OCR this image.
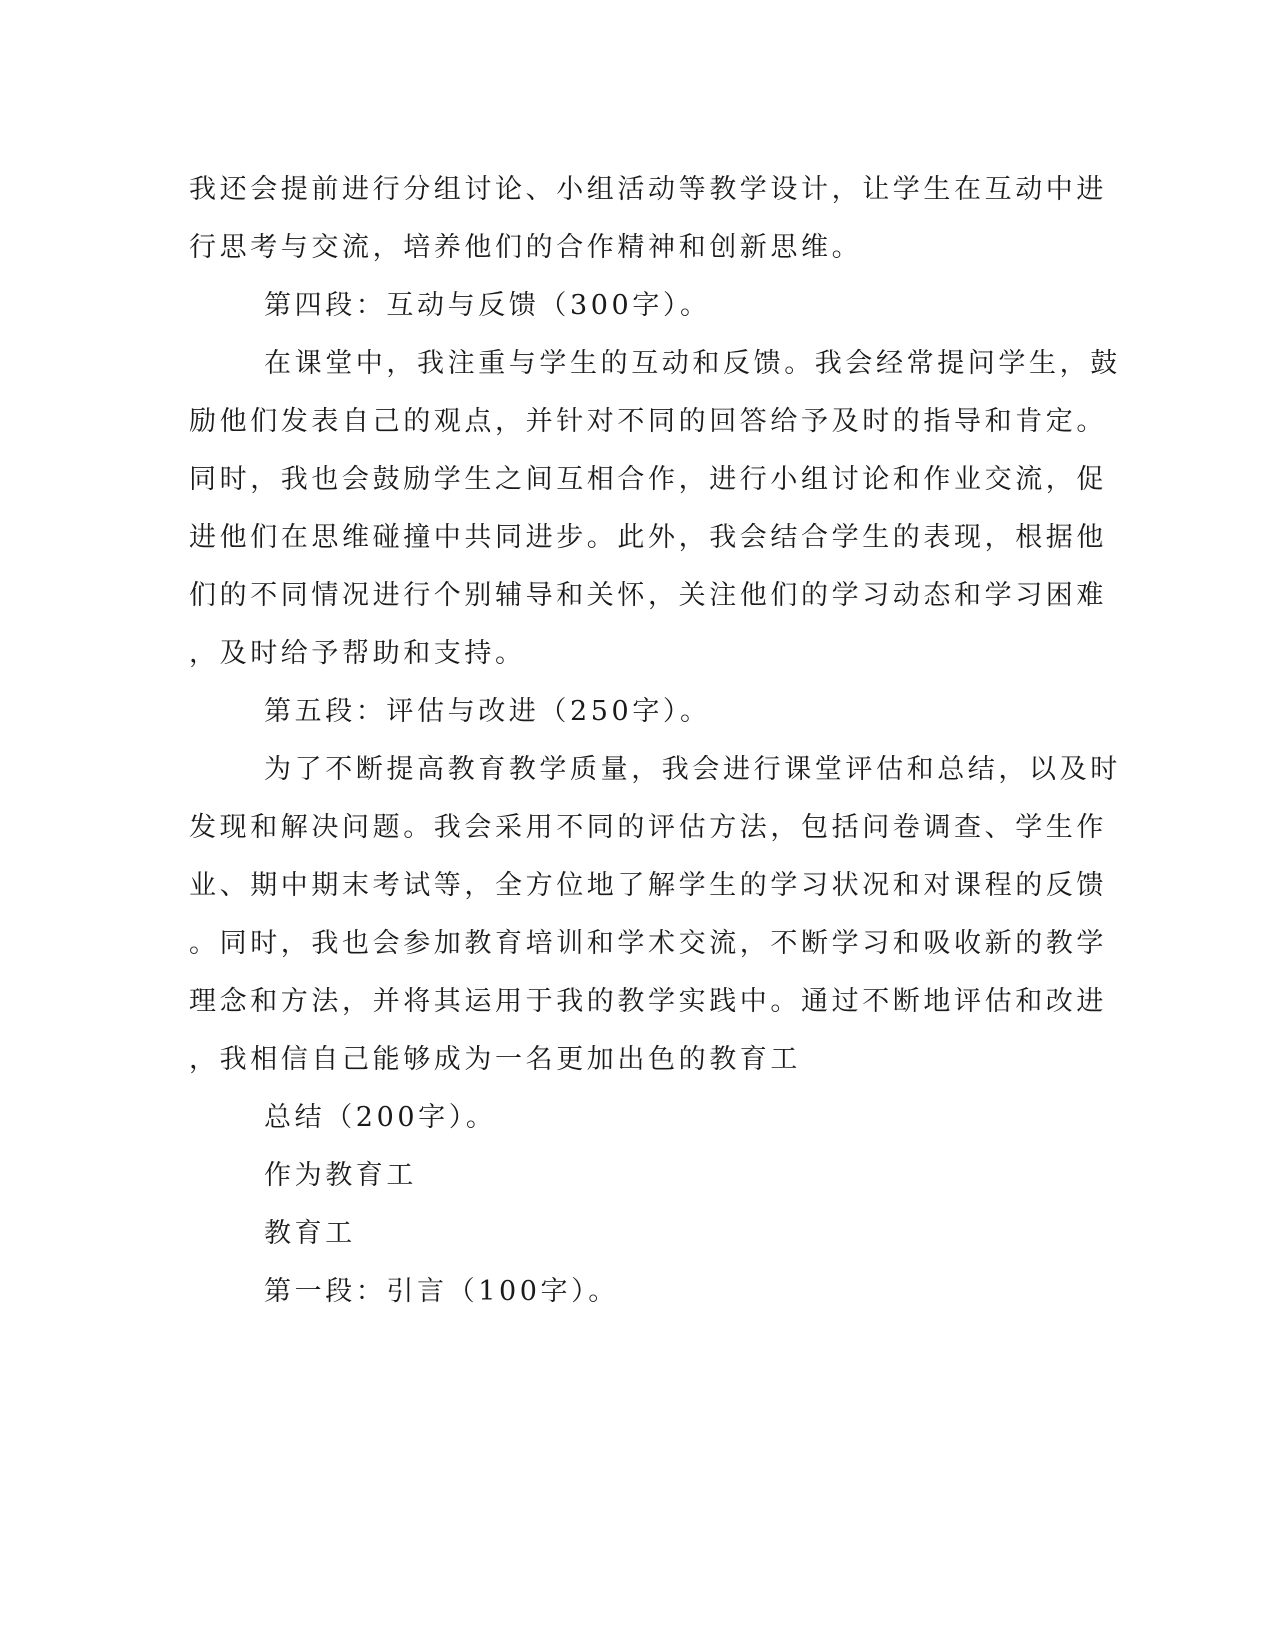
我还会提前进行分组讨论、小组活动等教学设计，让学生在互动中进
行思考与交流，培养他们的合作精神和创新思维。
第四段：互动与反馈（300字）。
在课堂中，我注重与学生的互动和反馈。我会经常提问学生，鼓
励他们发表自己的观点，并针对不同的回答给予及时的指导和肯定。
同时，我也会鼓励学生之间互相合作，进行小组讨论和作业交流，促
进他们在思维碰撞中共同进步。此外，我会结合学生的表现，根据他
们的不同情况进行个别辅导和关怀，关注他们的学习动态和学习困难
，及时给予帮助和支持。
第五段：评估与改进（250字）。
为了不断提高教育教学质量，我会进行课堂评估和总结，以及时
发现和解决问题。我会采用不同的评估方法，包括问卷调查、学生作
业、期中期末考试等，全方位地了解学生的学习状况和对课程的反馈
。同时，我也会参加教育培训和学术交流，不断学习和吸收新的教学
理念和方法，并将其运用于我的教学实践中。通过不断地评估和改进
，我相信自己能够成为一名更加出色的教育工
总结（200字）。
作为教育工
教育工
第一段：引言（100字）。
